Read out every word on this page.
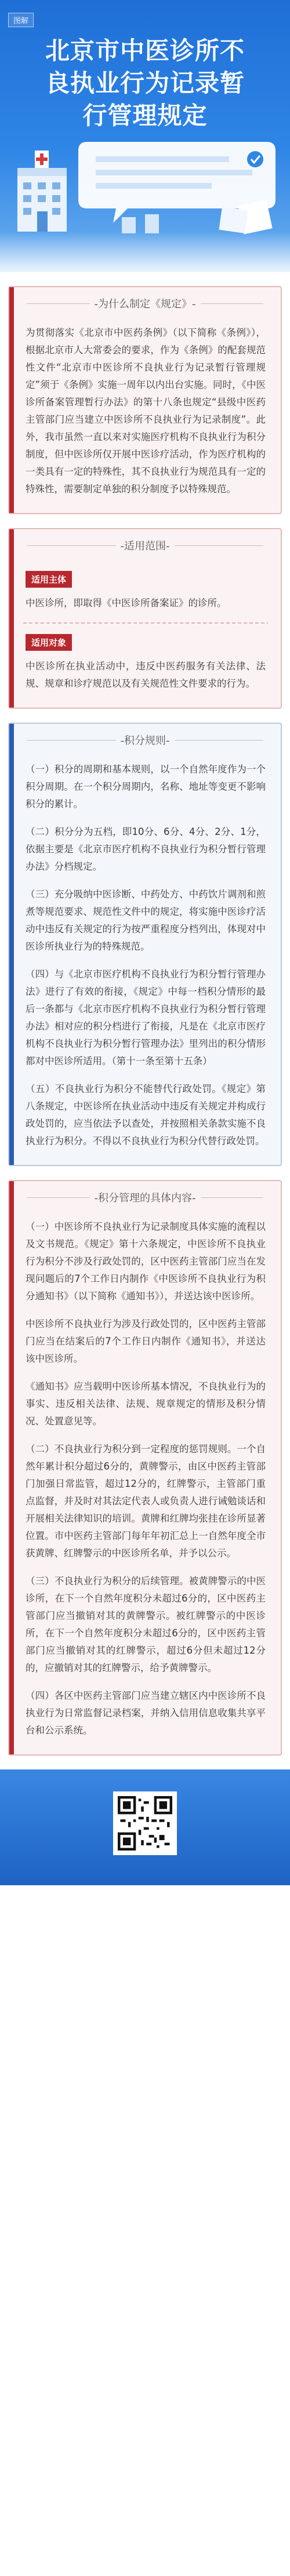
图解
北京市中医诊所不
良执业行为记录暂
行管理规定
-为什么制定《规定》-

为贯彻落实《北京市中医药条例》（以下简称《条例》），根据北京市人大常委会的要求，作为《条例》的配套规范性文件“北京市中医诊所不良执业行为记录暂行管理规定”须于《条例》实施一周年以内出台实施。同时，《中医诊所备案管理暂行办法》的第十八条也规定“县级中医药主管部门应当建立中医诊所不良执业行为记录制度”。此外，我市虽然一直以来对实施医疗机构不良执业行为积分制度，但中医诊所仅开展中医诊疗活动，作为医疗机构的一类具有一定的特殊性，其不良执业行为规范具有一定的特殊性，需要制定单独的积分制度予以特殊规范。

-适用范围-
适用主体

中医诊所，即取得《中医诊所备案证》的诊所。

适用对象

中医诊所在执业活动中，违反中医药服务有关法律、法规、规章和诊疗规范以及有关规范性文件要求的行为。

-积分规则-

（一）积分的周期和基本规则，以一个自然年度作为一个积分周期。在一个积分周期内，名称、地址等变更不影响积分的累计。

（二）积分分为五档，即10分、6分、4分、2分、1分，依据主要是《北京市医疗机构不良执业行为积分暂行管理办法》分档规定。

（三）充分吸纳中医诊断、中药处方、中药饮片调剂和煎煮等规范要求、规范性文件中的规定，将实施中医诊疗活动中违反有关规定的行为按严重程度分档列出，体现对中医诊所执业行为的特殊规范。

（四）与《北京市医疗机构不良执业行为积分暂行管理办法》进行了有效的衔接，《规定》中每一档积分情形的最后一条都与《北京市医疗机构不良执业行为积分暂行管理办法》相对应的积分档进行了衔接，凡是在《北京市医疗机构不良执业行为积分暂行管理办法》里列出的积分情形都对中医诊所适用。（第十一条至第十五条）

（五）不良执业行为积分不能替代行政处罚。《规定》第八条规定，中医诊所在执业活动中违反有关规定并构成行政处罚的，应当依法予以查处，并按照相关条款实施不良执业行为积分。不得以不良执业行为积分代替行政处罚。

-积分管理的具体内容-

（一）中医诊所不良执业行为记录制度具体实施的流程以及文书规范。《规定》第十六条规定，中医诊所不良执业行为积分不涉及行政处罚的，区中医药主管部门应当在发现问题后的7个工作日内制作《中医诊所不良执业行为积分通知书》（以下简称《通知书》），并送达该中医诊所。

中医诊所不良执业行为涉及行政处罚的，区中医药主管部门应当在结案后的7个工作日内制作《通知书》，并送达该中医诊所。

《通知书》应当载明中医诊所基本情况，不良执业行为的事实、违反相关法律、法规、规章规定的情形及积分情况、处置意见等。

（二）不良执业行为积分到一定程度的惩罚规则。一个自然年累计积分超过6分的，黄牌警示，由区中医药主管部门加强日常监管，超过12分的，红牌警示，主管部门重点监督，并及时对其法定代表人或负责人进行诫勉谈话和开展相关法律知识的培训。黄牌和红牌均张挂在诊所显著位置。市中医药主管部门每年年初汇总上一自然年度全市获黄牌、红牌警示的中医诊所名单，并予以公示。

（三）不良执业行为积分的后续管理。被黄牌警示的中医诊所，在下一个自然年度积分未超过6分的，区中医药主管部门应当撤销对其的黄牌警示。被红牌警示的中医诊所，在下一个自然年度积分未超过6分的，区中医药主管部门应当撤销对其的红牌警示，超过6分但未超过12分的，应撤销对其的红牌警示，给予黄牌警示。

（四）各区中医药主管部门应当建立辖区内中医诊所不良执业行为日常监督记录档案，并纳入信用信息收集共享平台和公示系统。
